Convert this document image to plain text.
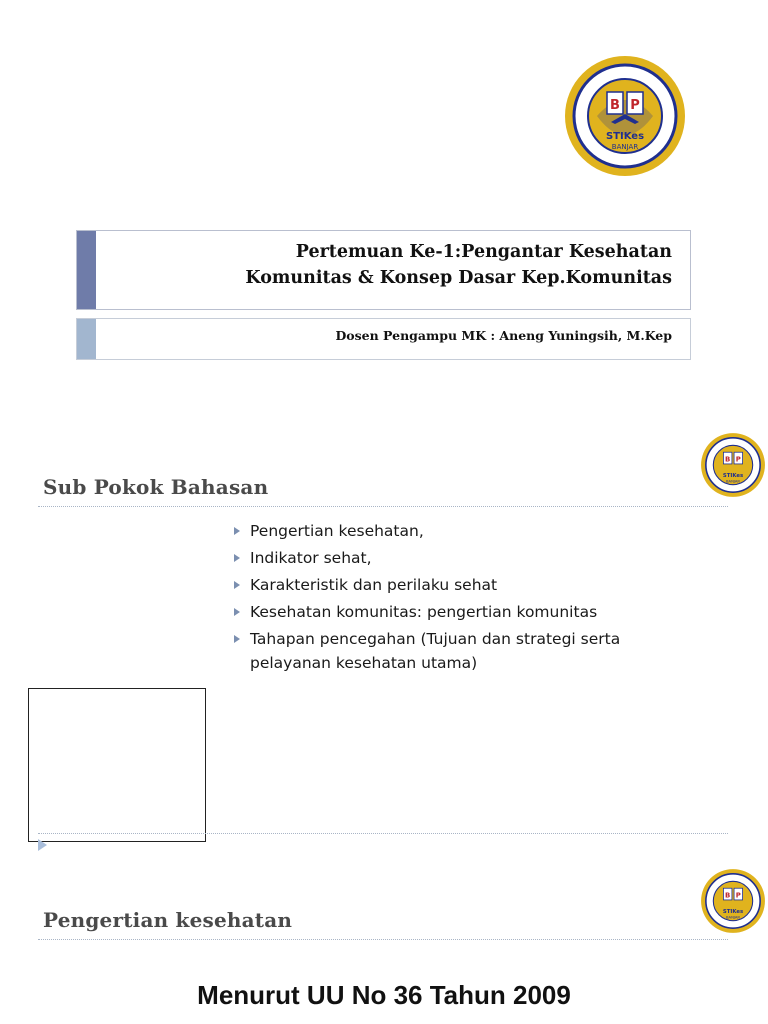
B P
STIKes
BANJAR
Pertemuan Ke-1:Pengantar Kesehatan
Komunitas & Konsep Dasar Kep.Komunitas
Dosen Pengampu MK : Aneng Yuningsih, M.Kep
B P
STIKes
BANJAR
Sub Pokok Bahasan
Pengertian kesehatan,
Indikator sehat,
Karakteristik dan perilaku sehat
Kesehatan komunitas: pengertian komunitas
Tahapan pencegahan (Tujuan dan strategi serta pelayanan kesehatan utama)
B P
STIKes
BANJAR
Pengertian kesehatan
Menurut UU No 36 Tahun 2009
